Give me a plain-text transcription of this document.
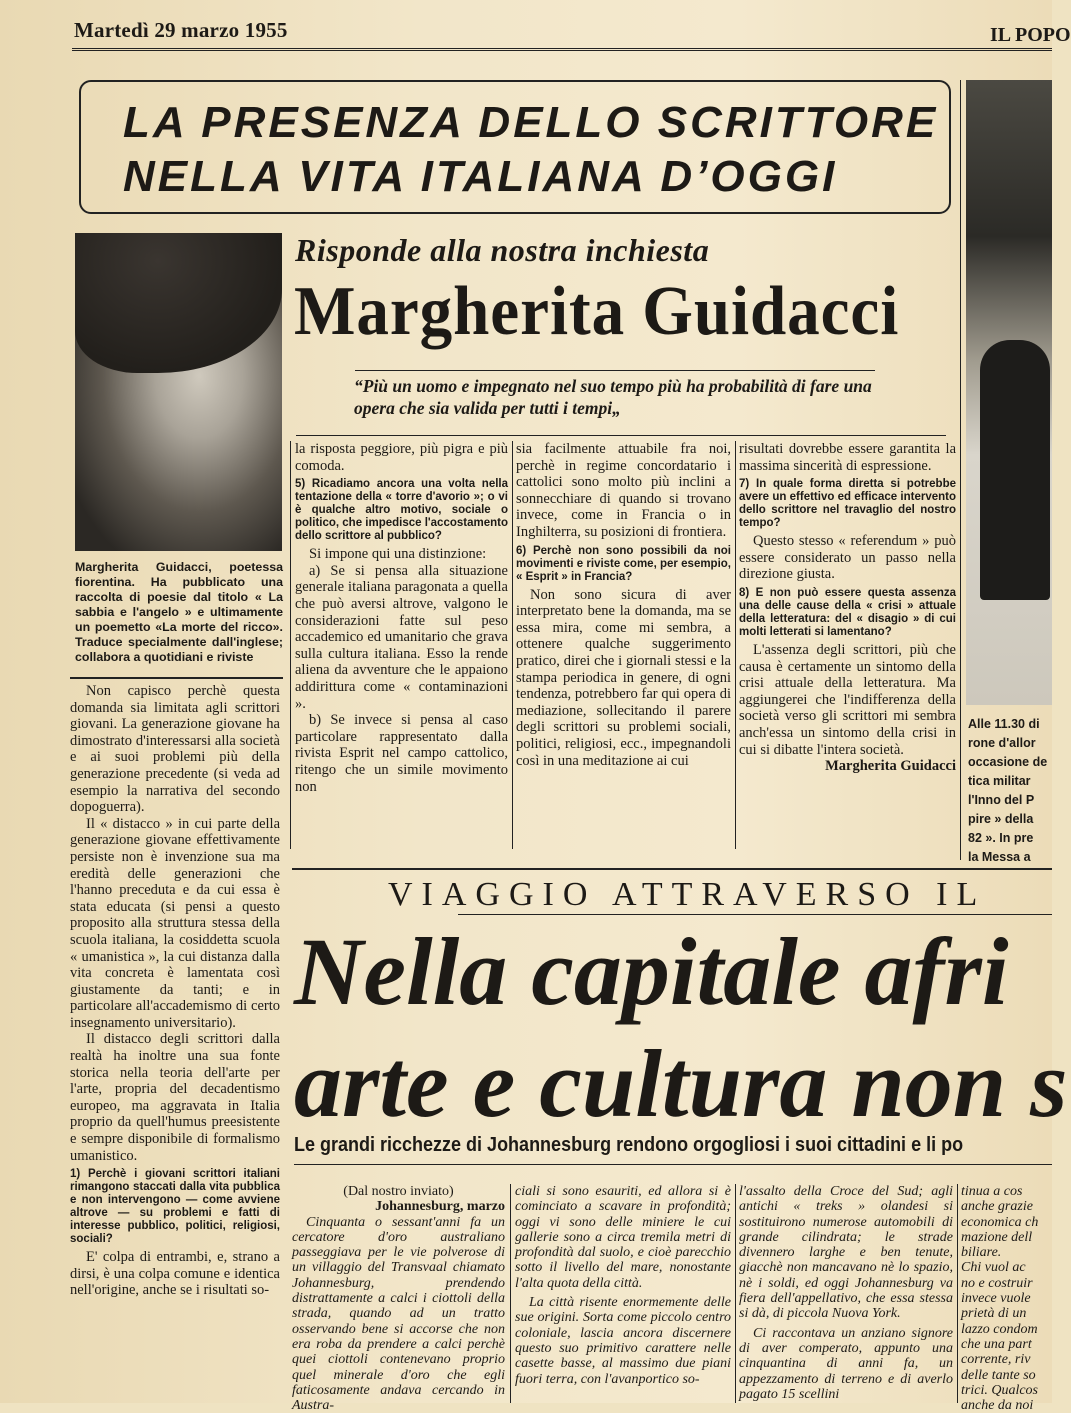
Martedì 29 marzo 1955	IL POPO
LA PRESENZA DELLO SCRITTORE
NELLA VITA ITALIANA D’OGGI
Margherita Guidacci, poetessa fiorentina. Ha pubblicato una raccolta di poesie dal titolo « La sabbia e l'angelo » e ultimamente un poemetto «La morte del ricco». Traduce specialmente dall'inglese; collabora a quotidiani e riviste
Risponde alla nostra inchiesta
Margherita Guidacci
“Più un uomo e impegnato nel suo tempo più ha probabilità di fare una opera che sia valida per tutti i tempi„

Non capisco perchè questa domanda sia limitata agli scrittori giovani. La generazione giovane ha dimostrato d'interessarsi alla società e ai suoi problemi più della generazione precedente (si veda ad esempio la narrativa del secondo dopoguerra).

Il « distacco » in cui parte della generazione giovane effettivamente persiste non è invenzione sua ma eredità delle generazioni che l'hanno preceduta e da cui essa è stata educata (si pensi a questo proposito alla struttura stessa della scuola italiana, la cosiddetta scuola « umanistica », la cui distanza dalla vita concreta è lamentata così giustamente da tanti; e in particolare all'accademismo di certo insegnamento universitario).

Il distacco degli scrittori dalla realtà ha inoltre una sua fonte storica nella teoria dell'arte per l'arte, propria del decadentismo europeo, ma aggravata in Italia proprio da quell'humus preesistente e sempre disponibile di formalismo umanistico.

1) Perchè i giovani scrittori italiani rimangono staccati dalla vita pubblica e non intervengono — come avviene altrove — su problemi e fatti di interesse pubblico, politici, religiosi, sociali?

E' colpa di entrambi, e, strano a dirsi, è una colpa comune e identica nell'origine, anche se i risultati so-

la risposta peggiore, più pigra e più comoda.

5) Ricadiamo ancora una volta nella tentazione della « torre d'avorio »; o vi è qualche altro motivo, sociale o politico, che impedisce l'accostamento dello scrittore al pubblico?

Si impone qui una distinzione:

a) Se si pensa alla situazione generale italiana paragonata a quella che può aversi altrove, valgono le considerazioni fatte sul peso accademico ed umanitario che grava sulla cultura italiana. Esso la rende aliena da avventure che le appaiono addirittura come « contaminazioni ».

b) Se invece si pensa al caso particolare rappresentato dalla rivista Esprit nel campo cattolico, ritengo che un simile movimento non

sia facilmente attuabile fra noi, perchè in regime concordatario i cattolici sono molto più inclini a sonnecchiare di quando si trovano invece, come in Francia o in Inghilterra, su posizioni di frontiera.

6) Perchè non sono possibili da noi movimenti e riviste come, per esempio, « Esprit » in Francia?

Non sono sicura di aver interpretato bene la domanda, ma se essa mira, come mi sembra, a ottenere qualche suggerimento pratico, direi che i giornali stessi e la stampa periodica in genere, di ogni tendenza, potrebbero far qui opera di mediazione, sollecitando il parere degli scrittori su problemi sociali, politici, religiosi, ecc., impegnandoli così in una meditazione ai cui

risultati dovrebbe essere garantita la massima sincerità di espressione.

7) In quale forma diretta si potrebbe avere un effettivo ed efficace intervento dello scrittore nel travaglio del nostro tempo?

Questo stesso « referendum » può essere considerato un passo nella direzione giusta.

8) E non può essere questa assenza una delle cause della « crisi » attuale della letteratura: del « disagio » di cui molti letterati si lamentano?

L'assenza degli scrittori, più che causa è certamente un sintomo della crisi attuale della letteratura. Ma aggiungerei che l'indifferenza della società verso gli scrittori mi sembra anch'essa un sintomo della crisi in cui si dibatte l'intera società.

Margherita Guidacci

Alle 11.30 di
rone d'allor
occasione de
tica militar
l'Inno del P
pire » della
82 ». In pre
la Messa a
VIAGGIO ATTRAVERSO IL
Nella capitale afri
arte e cultura non s
Le grandi ricchezze di Johannesburg rendono orgogliosi i suoi cittadini e li po

(Dal nostro inviato)

Johannesburg, marzo

Cinquanta o sessant'anni fa un cercatore d'oro australiano passeggiava per le vie polverose di un villaggio del Transvaal chiamato Johannesburg, prendendo distrattamente a calci i ciottoli della strada, quando ad un tratto osservando bene si accorse che non era roba da prendere a calci perchè quei ciottoli contenevano proprio quel minerale d'oro che egli faticosamente andava cercando in Austra-

ciali si sono esauriti, ed allora si è cominciato a scavare in profondità; oggi vi sono delle miniere le cui gallerie sono a circa tremila metri di profondità dal suolo, e cioè parecchio sotto il livello del mare, nonostante l'alta quota della città.

La città risente enormemente delle sue origini. Sorta come piccolo centro coloniale, lascia ancora discernere questo suo primitivo carattere nelle casette basse, al massimo due piani fuori terra, con l'avanportico so-

l'assalto della Croce del Sud; agli antichi « treks » olandesi si sostituirono numerose automobili di grande cilindrata; le strade divennero larghe e ben tenute, giacchè non mancavano nè lo spazio, nè i soldi, ed oggi Johannesburg va fiera dell'appellativo, che essa stessa si dà, di piccola Nuova York.

Ci raccontava un anziano signore di aver comperato, appunto una cinquantina di anni fa, un appezzamento di terreno e di averlo pagato 15 scellini

tinua a cos
anche grazie
economica ch
mazione dell
biliare.
Chi vuol ac
no e costruir
invece vuole
prietà di un
lazzo condom
che una part
corrente, riv
delle tante so
trici. Qualcos
anche da noi
